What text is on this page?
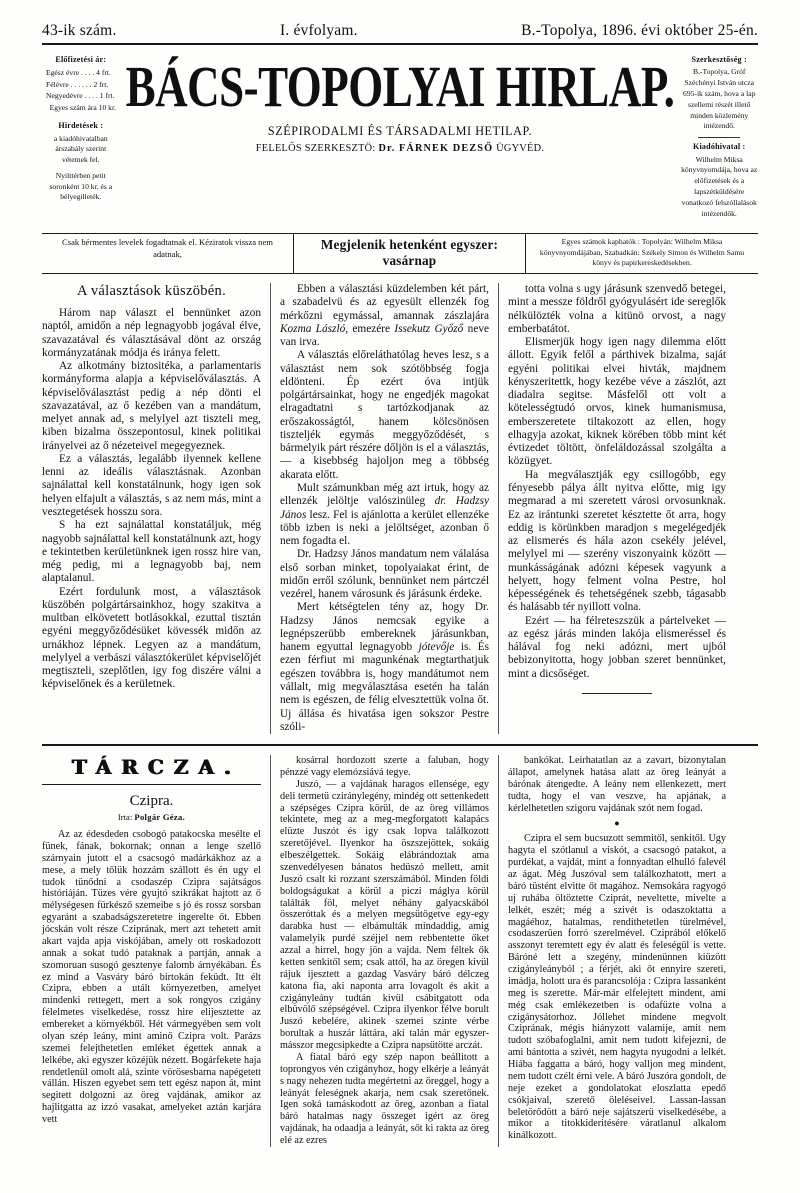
43-ik szám.	I. évfolyam.	B.-Topolya, 1896. évi október 25-én.
Előfizetési ár:
Egész évre . . . . 4 frt.
Félévre . . . . . . 2 frt.
Negyedévre . . . . 1 frt.
Egyes szám ára 10 kr.
Hirdetések :
a kiadóhivatalban árszabály szerint vétetnek fel.
Nyilttérben petit soronként 10 kr. és a bélyegilleték.
BÁCS-TOPOLYAI HIRLAP.
SZÉPIRODALMI ÉS TÁRSADALMI HETILAP.
FELELŐS SZERKESZTÖ: Dr. FÁRNEK DEZSŐ ÜGYVÉD.
Szerkesztőség :
B.-Topolya, Gróf Széchényi István utcza 695-ik szám, hova a lap szellemi részét illető minden közlemény intézendő.
Kiadóhivatal :
Wilhelm Miksa könyvnyomdája, hova az előfizetések és a lapszétküldésére vonatkozó felszóllalások intézendők.
Csak bérmentes levelek fogadtatnak el. Kéziratok vissza nem adatnak,
Megjelenik hetenként egyszer:
vasárnap
Egyes számok kaphatók : Topolyán: Wilhelm Miksa könyvnyomdájában, Szabadkán: Székely Simon és Wilhelm Samu könyv és papirkereskedésekben.
A választások küszöbén.

Három nap választ el bennünket azon naptól, amidőn a nép legnagyobb jogával élve, szavazatával és választásával dönt az ország kormányzatának módja és iránya felett.

Az alkotmány biztositéka, a parlamentaris kormányforma alapja a képviselőválasztás. A képviselőválasztást pedig a nép dönti el szavazatával, az ő kezében van a mandátum, melyet annak ad, s melylyel azt tiszteli meg, kiben bizalma összepontosul, kinek politikai irányelvei az ő nézeteivel megegyeznek.

Ez a választás, legalább ilyennek kellene lenni az ideális választásnak. Azonban sajnálattal kell konstatálnunk, hogy igen sok helyen elfajult a választás, s az nem más, mint a vesztegetések hosszu sora.

S ha ezt sajnálattal konstatáljuk, még nagyobb sajnálattal kell konstatálnunk azt, hogy e tekintetben kerületünknek igen rossz hire van, még pedig, mi a legnagyobb baj, nem alaptalanul.

Ezért fordulunk most, a választások küszöbén polgártársainkhoz, hogy szakitva a multban elkövetett botlásokkal, ezuttal tisztán egyéni meggyőződésüket kövessék midőn az urnákhoz lépnek. Legyen az a mandátum, melylyel a verbászi választókerület képviselőjét megtiszteli, szeplőtlen, igy fog diszére válni a képviselőnek és a kerületnek.

Ebben a választási küzdelemben két párt, a szabadelvü és az egyesült ellenzék fog mérkőzni egymással, amannak zászlajára Kozma László, emezére Issekutz Győző neve van irva.

A választás előreláthatólag heves lesz, s a választást nem sok szótöbbség fogja eldönteni. Ép ezért óva intjük polgártársainkat, hogy ne engedjék magokat elragadtatni s tartózkodjanak az erőszakosságtól, hanem kölcsönösen tiszteljék egymás meggyőződését, s bármelyik párt részére dőljön is el a választás, — a kisebbség hajoljon meg a többség akarata előtt.

Mult számunkban még azt irtuk, hogy az ellenzék jelöltje valószinüleg dr. Hadzsy János lesz. Fel is ajánlotta a kerület ellenzéke több izben is neki a jelöltséget, azonban ő nem fogadta el.

Dr. Hadzsy János mandatum nem válalása első sorban minket, topolyaiakat érint, de midőn erről szólunk, bennünket nem pártczél vezérel, hanem városunk és járásunk érdeke.

Mert kétségtelen tény az, hogy Dr. Hadzsy János nemcsak egyike a legnépszerübb embereknek járásunkban, hanem egyuttal legnagyobb jótevője is. És ezen férfiut mi magunkénak megtarthatjuk egészen továbbra is, hogy mandátumot nem vállalt, mig megválasztása esetén ha talán nem is egészen, de félig elvesztettük volna őt. Uj állása és hivatása igen sokszor Pestre szóli-

totta volna s ugy járásunk szenvedő betegei, mint a messze földről gyógyulásért ide sereglők nélkülözték volna a kitünö orvost, a nagy emberbatátot.

Elismerjük hogy igen nagy dilemma előtt állott. Egyik felől a párthivek bizalma, saját egyéni politikai elvei hivták, majdnem kényszeritettk, hogy kezébe véve a zászlót, azt diadalra segitse. Másfelől ott volt a kötelességtudó orvos, kinek humanismusa, emberszeretete tiltakozott az ellen, hogy elhagyja azokat, kiknek körében több mint két évtizedet töltött, önfeláldozással szolgálta a közügyet.

Ha megválasztják egy csillogóbb, egy fényesebb pálya állt nyitva előtte, mig igy megmarad a mi szeretett városi orvosunknak. Ez az irántunki szeretet késztette őt arra, hogy eddig is körünkben maradjon s megelégedjék az elismerés és hála azon csekély jelével, melylyel mi — szerény viszonyaink között — munkásságának adózni képesek vagyunk a helyett, hogy felment volna Pestre, hol képességének és tehetségének szebb, tágasabb és halásabb tér nyillott volna.

Ezért — ha félreteszszük a pártelveket — az egész járás minden lakója elismeréssel és hálával fog neki adózni, mert ujból bebizonyitotta, hogy jobban szeret bennünket, mint a dicsőséget.

TÁRCZA.
Czipra.
Irta: Polgár Géza.

Az az édesdeden csobogó patakocska mesélte el fünek, fának, bokornak; onnan a lenge szellő szárnyain jutott el a csacsogó madárkákhoz az a mese, a mely tőlük hozzám szállott és én ugy el tudok tünődni a csodaszép Czipra sajátságos históriáján. Tüzes vére gyujtó szikrákat hajtott az ő mélységesen fürkésző szemeibe s jó és rossz sorsban egyaránt a szabadságszeretetre ingerelte őt. Ebben jócskán volt része Cziprának, mert azt tehetett amit akart vajda apja viskójában, amely ott roskadozott annak a sokat tudó pataknak a partján, annak a szomoruan susogó gesztenye falomb árnyékában. És ez mind a Vasváry báró birtokán feküdt. Itt élt Czipra, ebben a utált környezetben, amelyet mindenki rettegett, mert a sok rongyos czigány félelmetes viselkedése, rossz hire elijesztette az embereket a környékből. Hét vármegyében sem volt olyan szép leány, mint aminő Czipra volt. Parázs szemei felejthetetlen emléket égettek annak a lelkébe, aki egyszer közéjük nézett. Bogárfekete haja rendetlenül omolt alá, szinte vörösesbarna napégetett vállán. Hiszen egyebet sem tett egész napon át, mint segitett dolgozni az öreg vajdának, amikor az hajlitgatta az izzó vasakat, amelyeket aztán karjára vett

kosárral hordozott szerte a faluban, hogy pénzzé vagy elemózsiává tegye.

Juszó, — a vajdának haragos ellensége, egy deli termetü cziránylegény, mindég ott settenkedett a szépséges Czipra körül, de az öreg villámos tekintete, meg az a meg-megforgatott kalapács elüzte Juszót és igy csak lopva találkozott szeretőjével. Ilyenkor ha öszszejöttek, sokáig elbeszélgettek. Sokáig elábrándoztak ama szenvedélyesen bánatos hedüszó mellett, amit Juszó csalt ki rozzant szerszámából. Minden földi boldogságukat a körül a piczi máglya körül találták föl, melyet néhány galyacskából összeróttak és a melyen megsütögetve egy-egy darabka hust — elbámulták mindaddig, amig valamelyik purdé széjjel nem rebbentette őket azzal a hirrel, hogy jön a vajda. Nem féltek ők ketten senkitől sem; csak attól, ha az öregen kivül rájuk ijesztett a gazdag Vasváry báró délczeg katona fia, aki naponta arra lovagolt és akit a czigányleány tudtán kivül csábitgatott oda elbüvölő szépségével. Czipra ilyenkor félve borult Juszó kebelére, akinek szemei szinte vérbe borultak a huszár láttára, aki talán már egyszer-másszor megcsipkedte a Czipra napsütötte arczát.

A fiatal báró egy szép napon beállitott a toprongyos vén czigányhoz, hogy elkérje a leányát s nagy nehezen tudta megértetni az öreggel, hogy a leányát feleségnek akarja, nem csak szeretőnek. Igen soká tamáskodott az öreg, azonban a fiatal báró hatalmas nagy összeget igért az öreg vajdának, ha odaadja a leányát, sőt ki rakta az öreg elé az ezres

bankókat. Leirhatatlan az a zavart, bizonytalan állapot, amelynek hatása alatt az öreg leányát a bárónak átengedte. A leány nem ellenkezett, mert tudta, hogy el van veszve, ha apjának, a kérlelhetetlen szigoru vajdának szót nem fogad.

●

Czipra el sem bucsuzott semmitől, senkitől. Ugy hagyta el szótlanul a viskót, a csacsogó patakot, a purdékat, a vajdát, mint a fonnyadtan elhulló falevél az ágat. Még Juszóval sem találkozhatott, mert a báró tüstént elvitte őt magához. Nemsokára ragyogó uj ruhába öltöztette Cziprát, neveltette, mivelte a lelkét, eszét; még a szivét is odaszoktatta a magáéhoz, hatalmas, rendithetetlen türelmével, csodaszerüen forró szerelmével. Cziprából előkelő asszonyt teremtett egy év alatt és feleségül is vette. Báróné lett a szegény, mindenünnen kiüzött czigányleányból ; a férjét, aki őt ennyire szereti, imádja, holott ura és parancsolója : Czipra lassanként meg is szerette. Már-már elfelejtett mindent, ami még csak emlékezetben is odafüzte volna a czigánysátorhoz. Jóllehet mindene megvolt Cziprának, mégis hiányzott valamije, amit nem tudott szóbafoglalni, amit nem tudott kifejezni, de ami bántotta a szivét, nem hagyta nyugodni a lelkét. Hiába faggatta a báró, hogy valljon meg mindent, nem tudott czélt érni vele. A báró Juszóra gondolt, de neje ezeket a gondolatokat eloszlatta epedő csókjaival, szerető öleléseivel. Lassan-lassan beletörődött a báró neje sajátszerü viselkedésébe, a mikor a titokkideritésére váratlanul alkalom kinálkozott.
